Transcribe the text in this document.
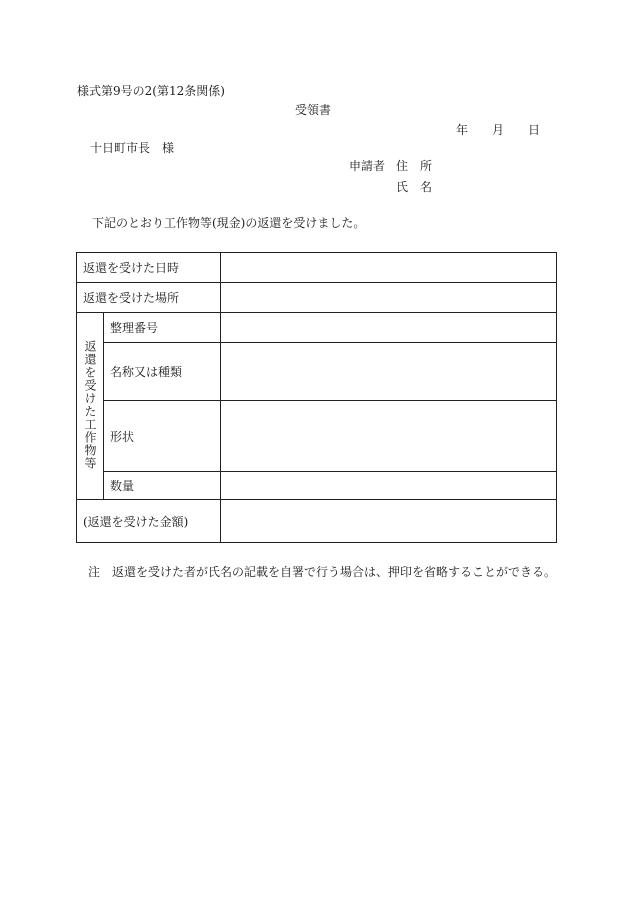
様式第9号の2(第12条関係)
受領書
年 月 日
十日町市長　様
申請者 住　所
氏　名
下記のとおり工作物等(現金)の返還を受けました。
返還を受けた日時		
返還を受けた場所		
返還を受けた工作物等	整理番号	
	名称又は種類	
	形状	
	数量	
(返還を受けた金額)		
注　返還を受けた者が氏名の記載を自署で行う場合は、押印を省略することができる。
